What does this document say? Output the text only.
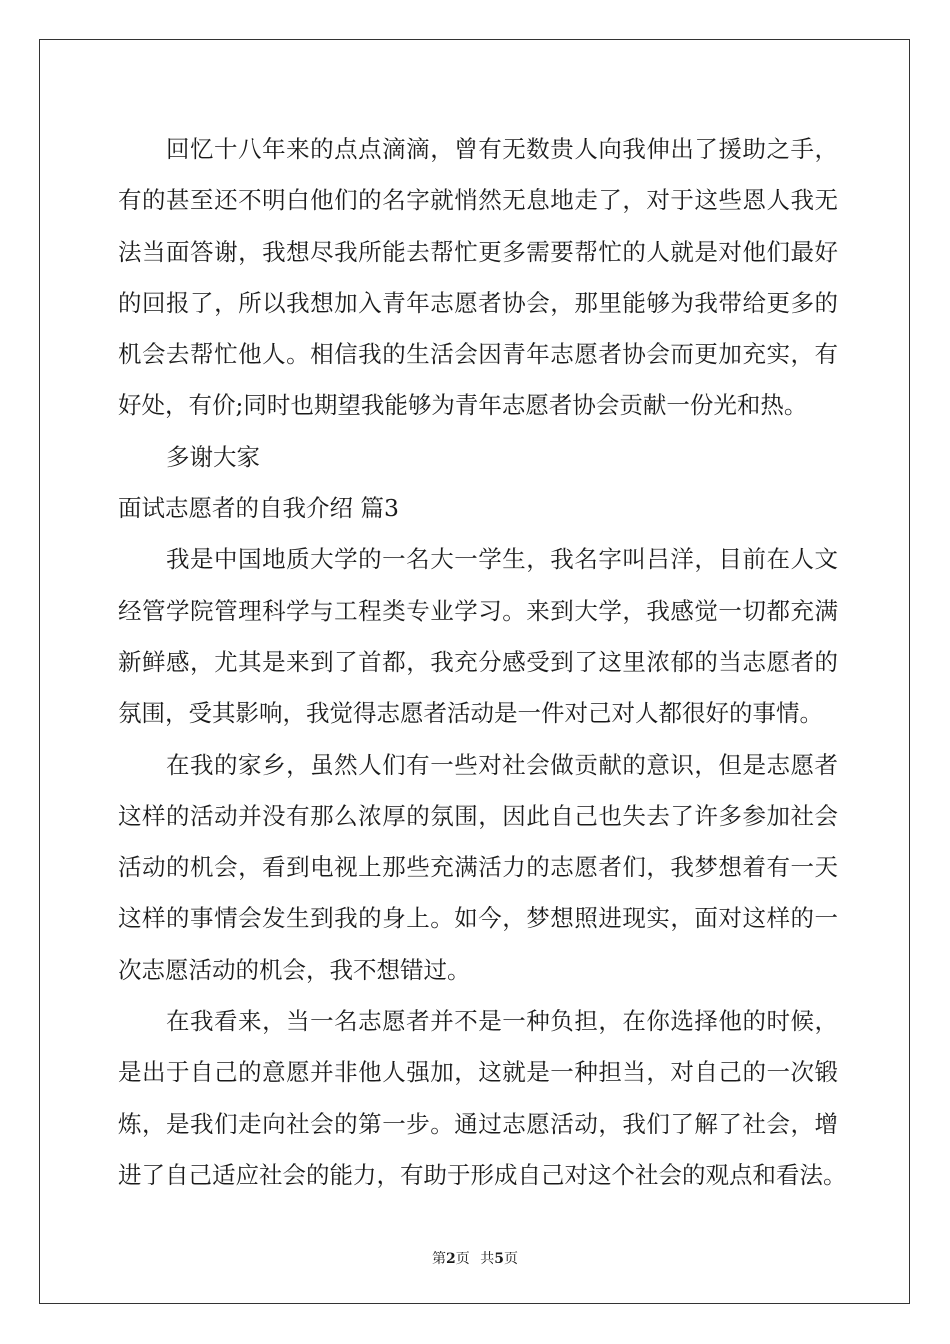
回忆十八年来的点点滴滴，曾有无数贵人向我伸出了援助之手，
有的甚至还不明白他们的名字就悄然无息地走了，对于这些恩人我无
法当面答谢，我想尽我所能去帮忙更多需要帮忙的人就是对他们最好
的回报了，所以我想加入青年志愿者协会，那里能够为我带给更多的
机会去帮忙他人。相信我的生活会因青年志愿者协会而更加充实，有
好处，有价;同时也期望我能够为青年志愿者协会贡献一份光和热。
多谢大家
面试志愿者的自我介绍 篇3
我是中国地质大学的一名大一学生，我名字叫吕洋，目前在人文
经管学院管理科学与工程类专业学习。来到大学，我感觉一切都充满
新鲜感，尤其是来到了首都，我充分感受到了这里浓郁的当志愿者的
氛围，受其影响，我觉得志愿者活动是一件对己对人都很好的事情。
在我的家乡，虽然人们有一些对社会做贡献的意识，但是志愿者
这样的活动并没有那么浓厚的氛围，因此自己也失去了许多参加社会
活动的机会，看到电视上那些充满活力的志愿者们，我梦想着有一天
这样的事情会发生到我的身上。如今，梦想照进现实，面对这样的一
次志愿活动的机会，我不想错过。
在我看来，当一名志愿者并不是一种负担，在你选择他的时候，
是出于自己的意愿并非他人强加，这就是一种担当，对自己的一次锻
炼，是我们走向社会的第一步。通过志愿活动，我们了解了社会，增
进了自己适应社会的能力，有助于形成自己对这个社会的观点和看法。
第2页 共5页
